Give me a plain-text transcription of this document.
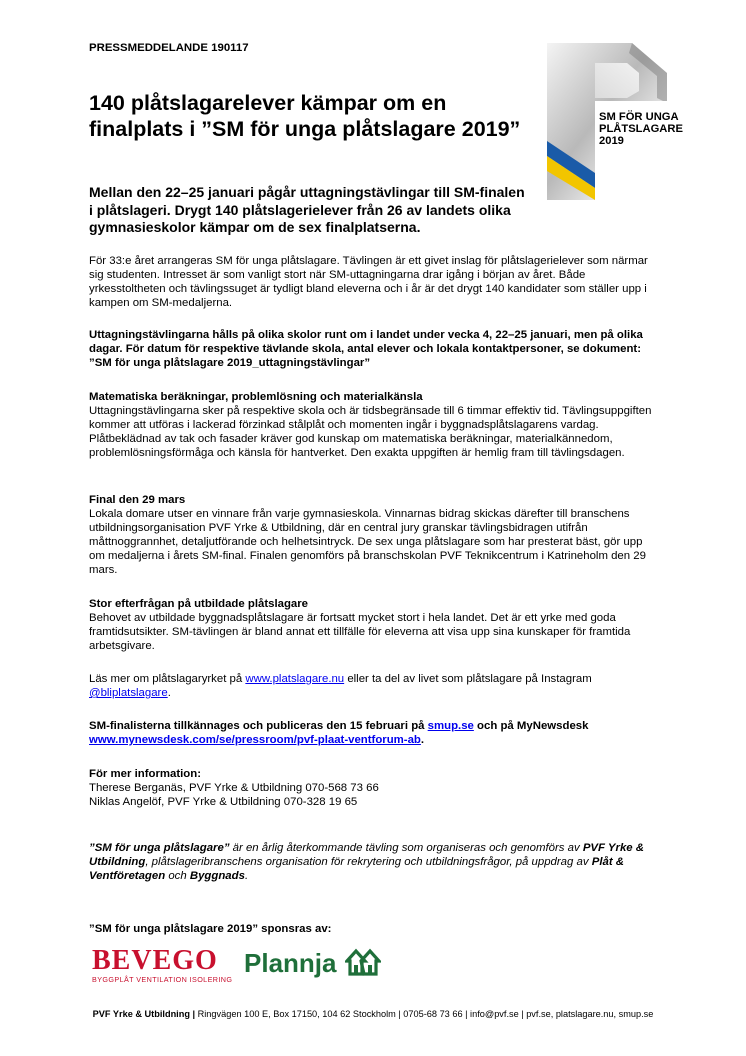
PRESSMEDDELANDE 190117
140 plåtslagarelever kämpar om en finalplats i ”SM för unga plåtslagare 2019”	SM FÖR UNGA
PLÅTSLAGARE
2019
Mellan den 22–25 januari pågår uttagningstävlingar till SM-finalen i plåtslageri. Drygt 140 plåtslagerielever från 26 av landets olika gymnasieskolor kämpar om de sex finalplatserna.
För 33:e året arrangeras SM för unga plåtslagare. Tävlingen är ett givet inslag för plåtslagerielever som närmar sig studenten. Intresset är som vanligt stort när SM-uttagningarna drar igång i början av året. Både yrkesstoltheten och tävlingssuget är tydligt bland eleverna och i år är det drygt 140 kandidater som ställer upp i kampen om SM-medaljerna.
Uttagningstävlingarna hålls på olika skolor runt om i landet under vecka 4, 22–25 januari, men på olika dagar. För datum för respektive tävlande skola, antal elever och lokala kontaktpersoner, se dokument: ”SM för unga plåtslagare 2019_uttagningstävlingar”
Matematiska beräkningar, problemlösning och materialkänsla
Uttagningstävlingarna sker på respektive skola och är tidsbegränsade till 6 timmar effektiv tid. Tävlingsuppgiften kommer att utföras i lackerad förzinkad stålplåt och momenten ingår i byggnadsplåtslagarens vardag. Plåtbeklädnad av tak och fasader kräver god kunskap om matematiska beräkningar, materialkännedom, problemlösningsförmåga och känsla för hantverket. Den exakta uppgiften är hemlig fram till tävlingsdagen.
Final den 29 mars
Lokala domare utser en vinnare från varje gymnasieskola. Vinnarnas bidrag skickas därefter till branschens utbildningsorganisation PVF Yrke & Utbildning, där en central jury granskar tävlingsbidragen utifrån måttnoggrannhet, detaljutförande och helhetsintryck. De sex unga plåtslagare som har presterat bäst, gör upp om medaljerna i årets SM-final. Finalen genomförs på branschskolan PVF Teknikcentrum i Katrineholm den 29 mars.
Stor efterfrågan på utbildade plåtslagare
Behovet av utbildade byggnadsplåtslagare är fortsatt mycket stort i hela landet. Det är ett yrke med goda framtidsutsikter. SM-tävlingen är bland annat ett tillfälle för eleverna att visa upp sina kunskaper för framtida arbetsgivare.
Läs mer om plåtslagaryrket på www.platslagare.nu eller ta del av livet som plåtslagare på Instagram @bliplatslagare.
SM-finalisterna tillkännages och publiceras den 15 februari på smup.se och på MyNewsdesk www.mynewsdesk.com/se/pressroom/pvf-plaat-ventforum-ab.
För mer information:
Therese Berganäs, PVF Yrke & Utbildning 070-568 73 66
Niklas Angelöf, PVF Yrke & Utbildning 070-328 19 65
”SM för unga plåtslagare” är en årlig återkommande tävling som organiseras och genomförs av PVF Yrke & Utbildning, plåtslageribranschens organisation för rekrytering och utbildningsfrågor, på uppdrag av Plåt & Ventföretagen och Byggnads.
”SM för unga plåtslagare 2019” sponsras av:
BEVEGO
BYGGPLÅT VENTILATION ISOLERING
Plannja
PVF Yrke & Utbildning | Ringvägen 100 E, Box 17150, 104 62 Stockholm | 0705-68 73 66 | info@pvf.se | pvf.se, platslagare.nu, smup.se
